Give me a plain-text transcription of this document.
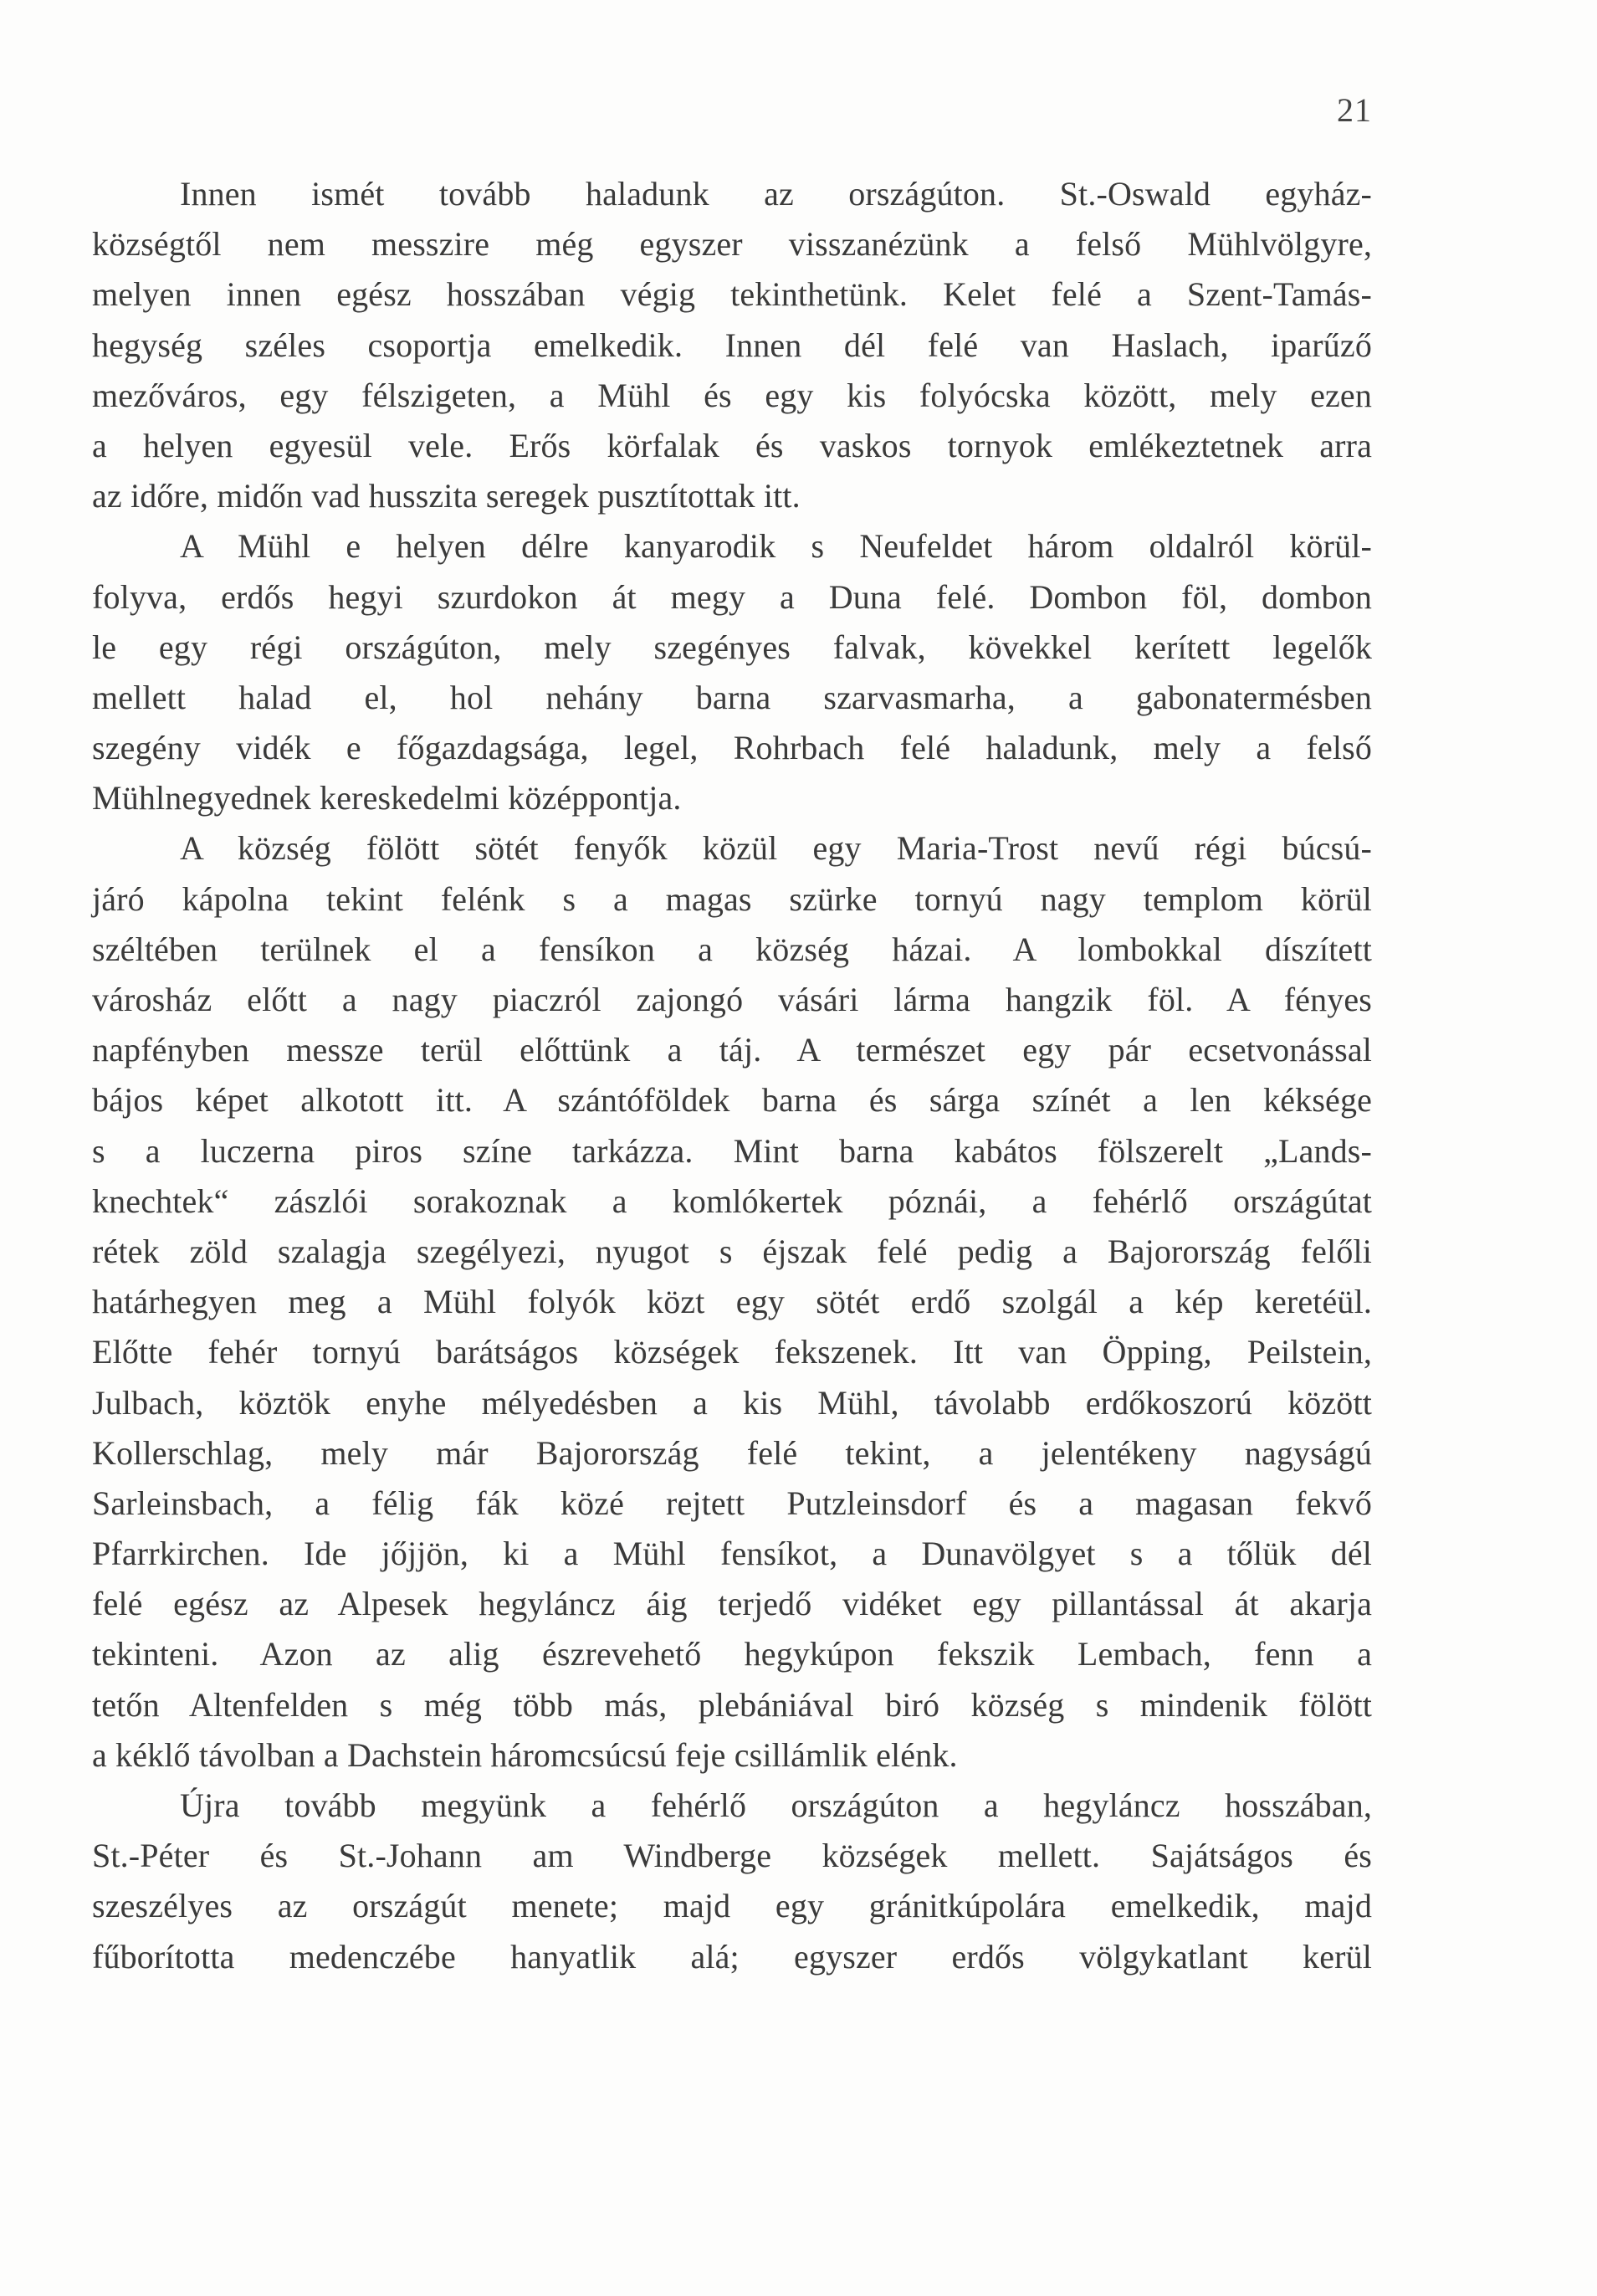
21
Innen ismét tovább haladunk az országúton. St.-Oswald egyház-
községtől nem messzire még egyszer visszanézünk a felső Mühlvölgyre,
melyen innen egész hosszában végig tekinthetünk. Kelet felé a Szent-Tamás-
hegység széles csoportja emelkedik. Innen dél felé van Haslach, iparűző
mezőváros, egy félszigeten, a Mühl és egy kis folyócska között, mely ezen
a helyen egyesül vele. Erős körfalak és vaskos tornyok emlékeztetnek arra
az időre, midőn vad husszita seregek pusztítottak itt.
A Mühl e helyen délre kanyarodik s Neufeldet három oldalról körül-
folyva, erdős hegyi szurdokon át megy a Duna felé. Dombon föl, dombon
le egy régi országúton, mely szegényes falvak, kövekkel kerített legelők
mellett halad el, hol nehány barna szarvasmarha, a gabonatermésben
szegény vidék e főgazdagsága, legel, Rohrbach felé haladunk, mely a felső
Mühlnegyednek kereskedelmi középpontja.
A község fölött sötét fenyők közül egy Maria-Trost nevű régi búcsú-
járó kápolna tekint felénk s a magas szürke tornyú nagy templom körül
széltében terülnek el a fensíkon a község házai. A lombokkal díszített
városház előtt a nagy piaczról zajongó vásári lárma hangzik föl. A fényes
napfényben messze terül előttünk a táj. A természet egy pár ecsetvonással
bájos képet alkotott itt. A szántóföldek barna és sárga színét a len kéksége
s a luczerna piros színe tarkázza. Mint barna kabátos fölszerelt „Lands-
knechtek“ zászlói sorakoznak a komlókertek póznái, a fehérlő országútat
rétek zöld szalagja szegélyezi, nyugot s éjszak felé pedig a Bajorország felőli
határhegyen meg a Mühl folyók közt egy sötét erdő szolgál a kép keretéül.
Előtte fehér tornyú barátságos községek fekszenek. Itt van Öpping, Peilstein,
Julbach, köztök enyhe mélyedésben a kis Mühl, távolabb erdőkoszorú között
Kollerschlag, mely már Bajorország felé tekint, a jelentékeny nagyságú
Sarleinsbach, a félig fák közé rejtett Putzleinsdorf és a magasan fekvő
Pfarrkirchen. Ide jőjjön, ki a Mühl fensíkot, a Dunavölgyet s a tőlük dél
felé egész az Alpesek hegyláncz áig terjedő vidéket egy pillantással át akarja
tekinteni. Azon az alig észrevehető hegykúpon fekszik Lembach, fenn a
tetőn Altenfelden s még több más, plebániával biró község s mindenik fölött
a kéklő távolban a Dachstein háromcsúcsú feje csillámlik elénk.
Újra tovább megyünk a fehérlő országúton a hegyláncz hosszában,
St.-Péter és St.-Johann am Windberge községek mellett. Sajátságos és
szeszélyes az országút menete; majd egy gránitkúpolára emelkedik, majd
fűborította medenczébe hanyatlik alá; egyszer erdős völgykatlant kerül
